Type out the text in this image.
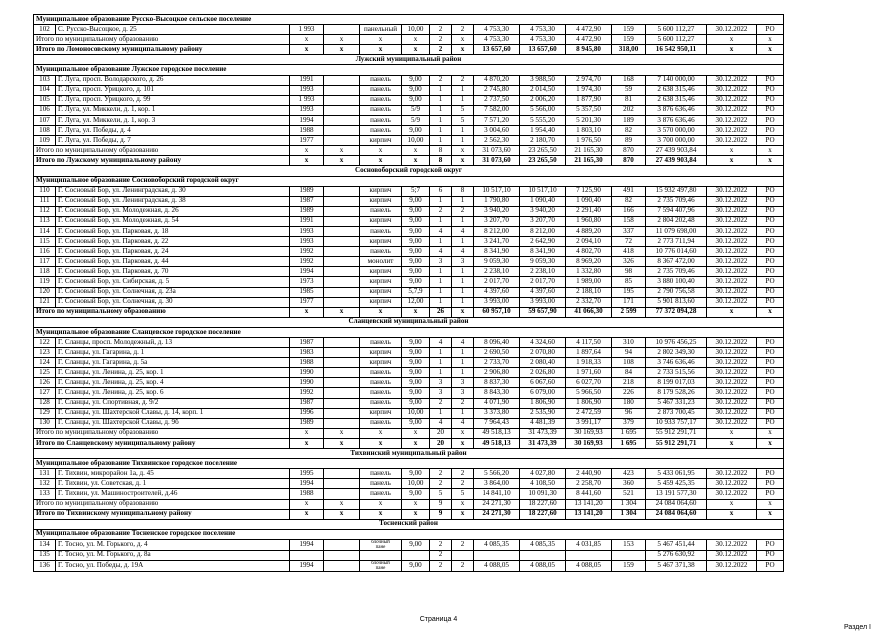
Муниципальное образование Русско-Высоцкое сельское поселение														
102	С. Русско-Высоцкое, д. 25	1 993		панельный	10,00	2	2	4 753,30	4 753,30	4 472,90	159	5 600 112,27	30.12.2022	РО
Итого по муниципальному образованию		х	х	х	х	2	х	4 753,30	4 753,30	4 472,90	159	5 600 112,27	х	х
Итого по Ломоносовскому муниципальному району		х	х	х	х	2	х	13 657,60	13 657,60	8 945,80	318,00	16 542 950,11	х	х
Лужский муниципальный район														
Муниципальное образование Лужское городское поселение														
103	Г. Луга, просп. Володарского, д. 26	1991		панель	9,00	2	2	4 870,20	3 988,50	2 974,70	168	7 140 000,00	30.12.2022	РО
104	Г. Луга, просп. Урицкого, д. 101	1993		панель	9,00	1	1	2 745,80	2 014,50	1 974,30	59	2 638 315,46	30.12.2022	РО
105	Г. Луга, просп. Урицкого, д. 99	1 993		панель	9,00	1	1	2 737,50	2 006,20	1 877,90	81	2 638 315,46	30.12.2022	РО
106	Г. Луга, ул. Миккели, д. 1, кор. 1	1993		панель	5/9	1	5	7 582,00	5 566,00	5 357,50	202	3 876 636,46	30.12.2022	РО
107	Г. Луга, ул. Миккели, д. 1, кор. 3	1994		панель	5/9	1	5	7 571,20	5 555,20	5 201,30	189	3 876 636,46	30.12.2022	РО
108	Г. Луга, ул. Победы, д. 4	1988		панель	9,00	1	1	3 004,60	1 954,40	1 803,10	82	3 570 000,00	30.12.2022	РО
109	Г. Луга, ул. Победы, д. 7	1977		кирпич	10,00	1	1	2 562,30	2 180,70	1 976,50	89	3 700 000,00	30.12.2022	РО
Итого по муниципальному образованию		х	х	х	х	8	х	31 073,60	23 265,50	21 165,30	870	27 439 903,84	х	х
Итого по Лужскому муниципальному району		х	х	х	х	8	х	31 073,60	23 265,50	21 165,30	870	27 439 903,84	х	х
Сосновоборский городской округ														
Муниципальное образование Сосновоборский городской округ														
110	Г. Сосновый Бор, ул. Ленинградская, д. 30	1989		кирпич	5;7	6	8	10 517,10	10 517,10	7 125,90	491	15 932 497,80	30.12.2022	РО
111	Г. Сосновый Бор, ул. Ленинградская, д. 38	1987		кирпич	9,00	1	1	1 790,80	1 090,40	1 090,40	82	2 735 709,46	30.12.2022	РО
112	Г. Сосновый Бор, ул. Молодежная, д. 26	1989		панель	9,00	2	2	3 940,20	3 940,20	2 291,40	166	7 594 407,96	30.12.2022	РО
113	Г. Сосновый Бор, ул. Молодежная, д. 54	1991		кирпич	9,00	1	1	3 207,70	3 207,70	1 960,80	158	2 804 202,48	30.12.2022	РО
114	Г. Сосновый Бор, ул. Парковая, д. 18	1993		панель	9,00	4	4	8 212,00	8 212,00	4 889,20	337	11 079 698,00	30.12.2022	РО
115	Г. Сосновый Бор, ул. Парковая, д. 22	1993		кирпич	9,00	1	1	3 241,70	2 642,90	2 094,10	72	2 773 711,94	30.12.2022	РО
116	Г. Сосновый Бор, ул. Парковая, д. 24	1992		панель	9,00	4	4	8 341,90	8 341,90	4 802,70	418	10 776 014,60	30.12.2022	РО
117	Г. Сосновый Бор, ул. Парковая, д. 44	1992		монолит	9,00	3	3	9 059,30	9 059,30	8 969,20	326	8 367 472,00	30.12.2022	РО
118	Г. Сосновый Бор, ул. Парковая, д. 70	1994		кирпич	9,00	1	1	2 238,10	2 238,10	1 332,80	98	2 735 709,46	30.12.2022	РО
119	Г. Сосновый Бор, ул. Сибирская, д. 5	1973		кирпич	9,00	1	1	2 017,70	2 017,70	1 989,00	85	3 880 100,40	30.12.2022	РО
120	Г. Сосновый Бор, ул. Солнечная, д. 23а	1985		кирпич	5,7,9	1	1	4 397,60	4 397,60	2 188,10	195	2 790 756,58	30.12.2022	РО
121	Г. Сосновый Бор, ул. Солнечная, д. 30	1977		кирпич	12,00	1	1	3 993,00	3 993,00	2 332,70	171	5 901 813,60	30.12.2022	РО
Итого по муниципальному образованию		х	х	х	х	26	х	60 957,10	59 657,90	41 066,30	2 599	77 372 094,28	х	х
Сланцевский муниципальный район														
Муниципальное образование Сланцевское городское поселение														
122	Г. Сланцы, просп. Молодежный, д. 13	1987		панель	9,00	4	4	8 096,40	4 324,60	4 117,50	310	10 976 456,25	30.12.2022	РО
123	Г. Сланцы, ул. Гагарина, д. 1	1983		кирпич	9,00	1	1	2 690,50	2 070,80	1 897,64	94	2 802 349,30	30.12.2022	РО
124	Г. Сланцы, ул. Гагарина, д. 5а	1988		кирпич	9,00	1	1	2 733,70	2 080,40	1 918,33	108	3 746 636,46	30.12.2022	РО
125	Г. Сланцы, ул. Ленина, д. 25, кор. 1	1990		панель	9,00	1	1	2 906,80	2 026,80	1 971,60	84	2 733 515,56	30.12.2022	РО
126	Г. Сланцы, ул. Ленина, д. 25, кор. 4	1990		панель	9,00	3	3	8 837,30	6 067,60	6 027,70	218	8 199 017,03	30.12.2022	РО
127	Г. Сланцы, ул. Ленина, д. 25, кор. 6	1992		панель	9,00	3	3	8 843,30	6 079,00	5 966,50	226	8 179 528,26	30.12.2022	РО
128	Г. Сланцы, ул. Спортивная, д. 9/2	1987		панель	9,00	2	2	4 071,90	1 806,90	1 806,90	180	5 467 331,23	30.12.2022	РО
129	Г. Сланцы, ул. Шахтерской Славы, д. 14, корп. 1	1996		кирпич	10,00	1	1	3 373,80	2 535,90	2 472,59	96	2 873 700,45	30.12.2022	РО
130	Г. Сланцы, ул. Шахтерской Славы, д. 9б	1989		панель	9,00	4	4	7 964,43	4 481,39	3 991,17	379	10 933 757,17	30.12.2022	РО
Итого по муниципальному образованию		х	х	х	х	20	х	49 518,13	31 473,39	30 169,93	1 695	55 912 291,71	х	х
Итого по Сланцевскому муниципальному району		х	х	х	х	20	х	49 518,13	31 473,39	30 169,93	1 695	55 912 291,71	х	х
Тихвинский муниципальный район														
Муниципальное образование Тихвинское городское поселение														
131	Г. Тихвин, микрорайон 1а, д. 45	1995		панель	9,00	2	2	5 566,20	4 027,80	2 440,90	423	5 433 061,95	30.12.2022	РО
132	Г. Тихвин, ул. Советская, д. 1	1994		панель	10,00	2	2	3 864,00	4 108,50	2 258,70	360	5 459 425,35	30.12.2022	РО
133	Г. Тихвин, ул. Машиностроителей, д.46	1988		панель	9,00	5	5	14 841,10	10 091,30	8 441,60	521	13 191 577,30	30.12.2022	РО
Итого по муниципальному образованию		х	х	х	х	9	х	24 271,30	18 227,60	13 141,20	1 304	24 084 064,60	х	х
Итого по Тихвинскому муниципальному району		х	х	х	х	9	х	24 271,30	18 227,60	13 141,20	1 304	24 084 064,60	х	х
Тосненский район														
Муниципальное образование Тосненское городское поселение														
134	Г. Тосно, ул. М. Горького, д. 4	1994		блочный
пане	9,00	2	2	4 085,35	4 085,35	4 031,85	153	5 467 451,44	30.12.2022	РО
135	Г. Тосно, ул. М. Горького, д. 8а					2						5 276 630,92	30.12.2022	РО
136	Г. Тосно, ул. Победы, д. 19А	1994		блочный
пане	9,00	2	2	4 088,05	4 088,05	4 088,05	159	5 467 371,38	30.12.2022	РО
Страница 4
Раздел I
